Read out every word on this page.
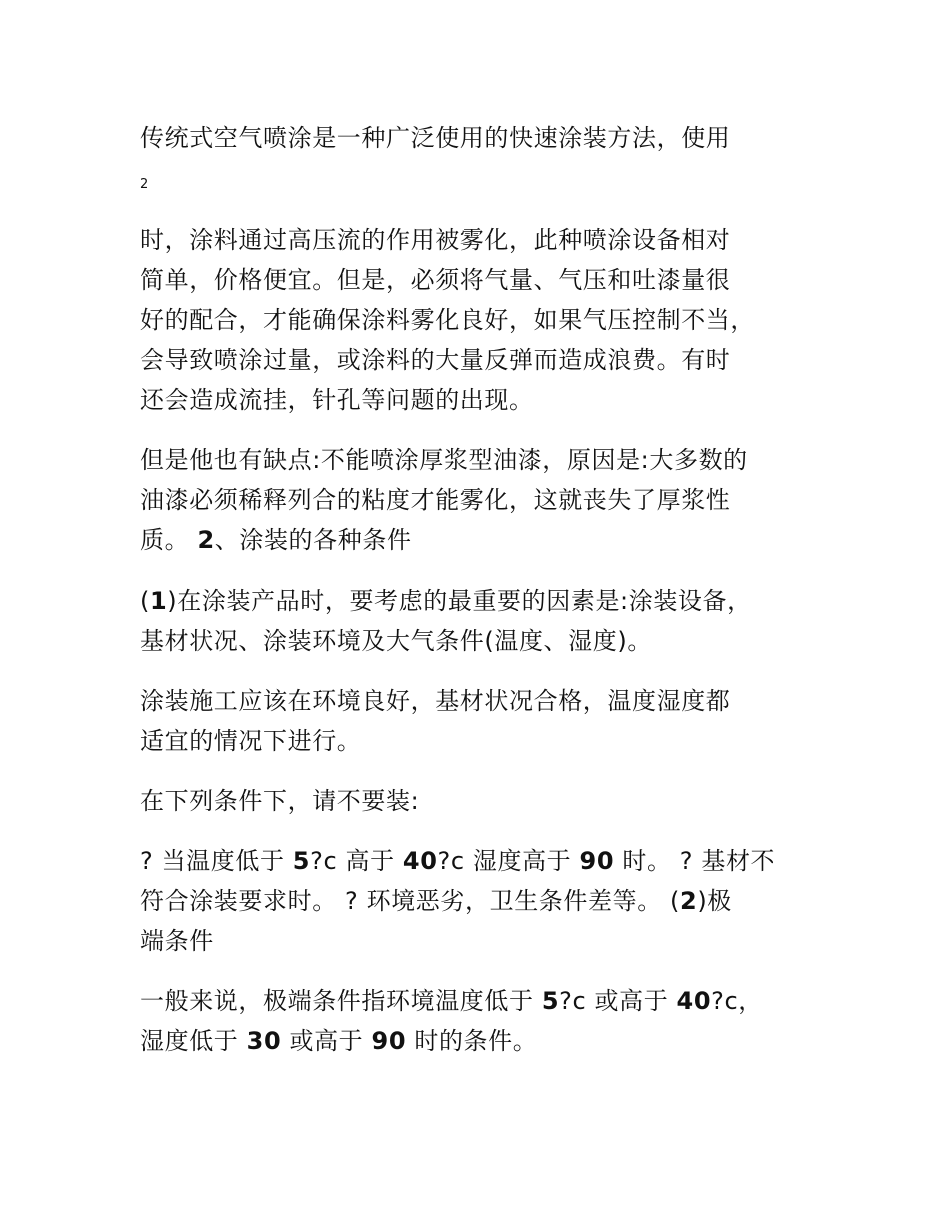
传统式空气喷涂是一种广泛使用的快速涂装方法，使用
2
时，涂料通过高压流的作用被雾化，此种喷涂设备相对
简单，价格便宜。但是，必须将气量、气压和吐漆量很
好的配合，才能确保涂料雾化良好，如果气压控制不当，
会导致喷涂过量，或涂料的大量反弹而造成浪费。有时
还会造成流挂，针孔等问题的出现。
但是他也有缺点:不能喷涂厚浆型油漆，原因是:大多数的
油漆必须稀释列合的粘度才能雾化，这就丧失了厚浆性
质。 2、涂装的各种条件
(1)在涂装产品时，要考虑的最重要的因素是:涂装设备，
基材状况、涂装环境及大气条件(温度、湿度)。
涂装施工应该在环境良好，基材状况合格，温度湿度都
适宜的情况下进行。
在下列条件下，请不要装:
? 当温度低于 5?c 高于 40?c 湿度高于 90 时。 ? 基材不
符合涂装要求时。 ? 环境恶劣，卫生条件差等。 (2)极
端条件
一般来说，极端条件指环境温度低于 5?c 或高于 40?c，
湿度低于 30 或高于 90 时的条件。
